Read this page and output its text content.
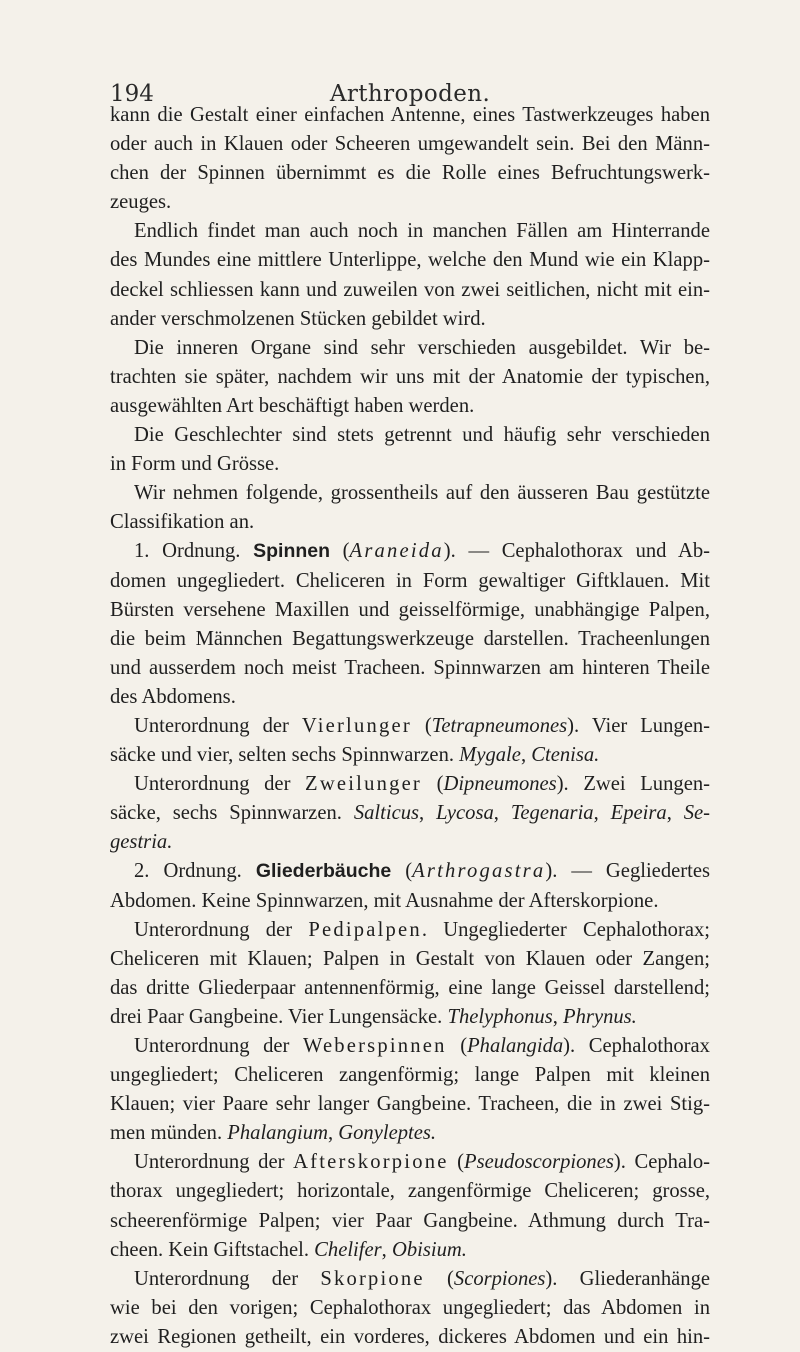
194	Arthropoden.
kann die Gestalt einer einfachen Antenne, eines Tastwerkzeuges haben
oder auch in Klauen oder Scheeren umgewandelt sein. Bei den Männ-
chen der Spinnen übernimmt es die Rolle eines Befruchtungswerk-
zeuges.
Endlich findet man auch noch in manchen Fällen am Hinterrande
des Mundes eine mittlere Unterlippe, welche den Mund wie ein Klapp-
deckel schliessen kann und zuweilen von zwei seitlichen, nicht mit ein-
ander verschmolzenen Stücken gebildet wird.
Die inneren Organe sind sehr verschieden ausgebildet. Wir be-
trachten sie später, nachdem wir uns mit der Anatomie der typischen,
ausgewählten Art beschäftigt haben werden.
Die Geschlechter sind stets getrennt und häufig sehr verschieden
in Form und Grösse.
Wir nehmen folgende, grossentheils auf den äusseren Bau gestützte
Classifikation an.
1. Ordnung. Spinnen (Araneida). — Cephalothorax und Ab-
domen ungegliedert. Cheliceren in Form gewaltiger Giftklauen. Mit
Bürsten versehene Maxillen und geisselförmige, unabhängige Palpen,
die beim Männchen Begattungswerkzeuge darstellen. Tracheenlungen
und ausserdem noch meist Tracheen. Spinnwarzen am hinteren Theile
des Abdomens.
Unterordnung der Vierlunger (Tetrapneumones). Vier Lungen-
säcke und vier, selten sechs Spinnwarzen. Mygale, Ctenisa.
Unterordnung der Zweilunger (Dipneumones). Zwei Lungen-
säcke, sechs Spinnwarzen. Salticus, Lycosa, Tegenaria, Epeira, Se-
gestria.
2. Ordnung. Gliederbäuche (Arthrogastra). — Gegliedertes
Abdomen. Keine Spinnwarzen, mit Ausnahme der Afterskorpione.
Unterordnung der Pedipalpen. Ungegliederter Cephalothorax;
Cheliceren mit Klauen; Palpen in Gestalt von Klauen oder Zangen;
das dritte Gliederpaar antennenförmig, eine lange Geissel darstellend;
drei Paar Gangbeine. Vier Lungensäcke. Thelyphonus, Phrynus.
Unterordnung der Weberspinnen (Phalangida). Cephalothorax
ungegliedert; Cheliceren zangenförmig; lange Palpen mit kleinen
Klauen; vier Paare sehr langer Gangbeine. Tracheen, die in zwei Stig-
men münden. Phalangium, Gonyleptes.
Unterordnung der Afterskorpione (Pseudoscorpiones). Cephalo-
thorax ungegliedert; horizontale, zangenförmige Cheliceren; grosse,
scheerenförmige Palpen; vier Paar Gangbeine. Athmung durch Tra-
cheen. Kein Giftstachel. Chelifer, Obisium.
Unterordnung der Skorpione (Scorpiones). Gliederanhänge
wie bei den vorigen; Cephalothorax ungegliedert; das Abdomen in
zwei Regionen getheilt, ein vorderes, dickeres Abdomen und ein hin-
